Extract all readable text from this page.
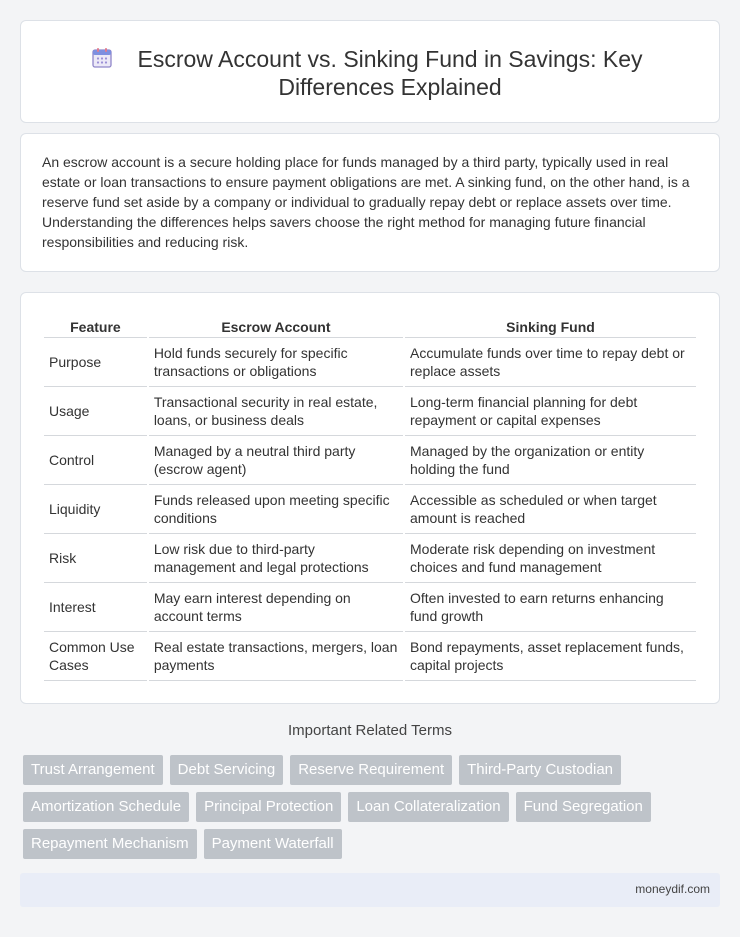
Escrow Account vs. Sinking Fund in Savings: Key Differences Explained

An escrow account is a secure holding place for funds managed by a third party, typically used in real estate or loan transactions to ensure payment obligations are met. A sinking fund, on the other hand, is a reserve fund set aside by a company or individual to gradually repay debt or replace assets over time. Understanding the differences helps savers choose the right method for managing future financial responsibilities and reducing risk.

Feature	Escrow Account	Sinking Fund
Purpose	Hold funds securely for specific transactions or obligations	Accumulate funds over time to repay debt or replace assets
Usage	Transactional security in real estate, loans, or business deals	Long-term financial planning for debt repayment or capital expenses
Control	Managed by a neutral third party (escrow agent)	Managed by the organization or entity holding the fund
Liquidity	Funds released upon meeting specific conditions	Accessible as scheduled or when target amount is reached
Risk	Low risk due to third-party management and legal protections	Moderate risk depending on investment choices and fund management
Interest	May earn interest depending on account terms	Often invested to earn returns enhancing fund growth
Common Use Cases	Real estate transactions, mergers, loan payments	Bond repayments, asset replacement funds, capital projects
Important Related Terms
Trust Arrangement	Debt Servicing	Reserve Requirement	Third-Party Custodian
Amortization Schedule	Principal Protection	Loan Collateralization	Fund Segregation
Repayment Mechanism	Payment Waterfall
moneydif.com
